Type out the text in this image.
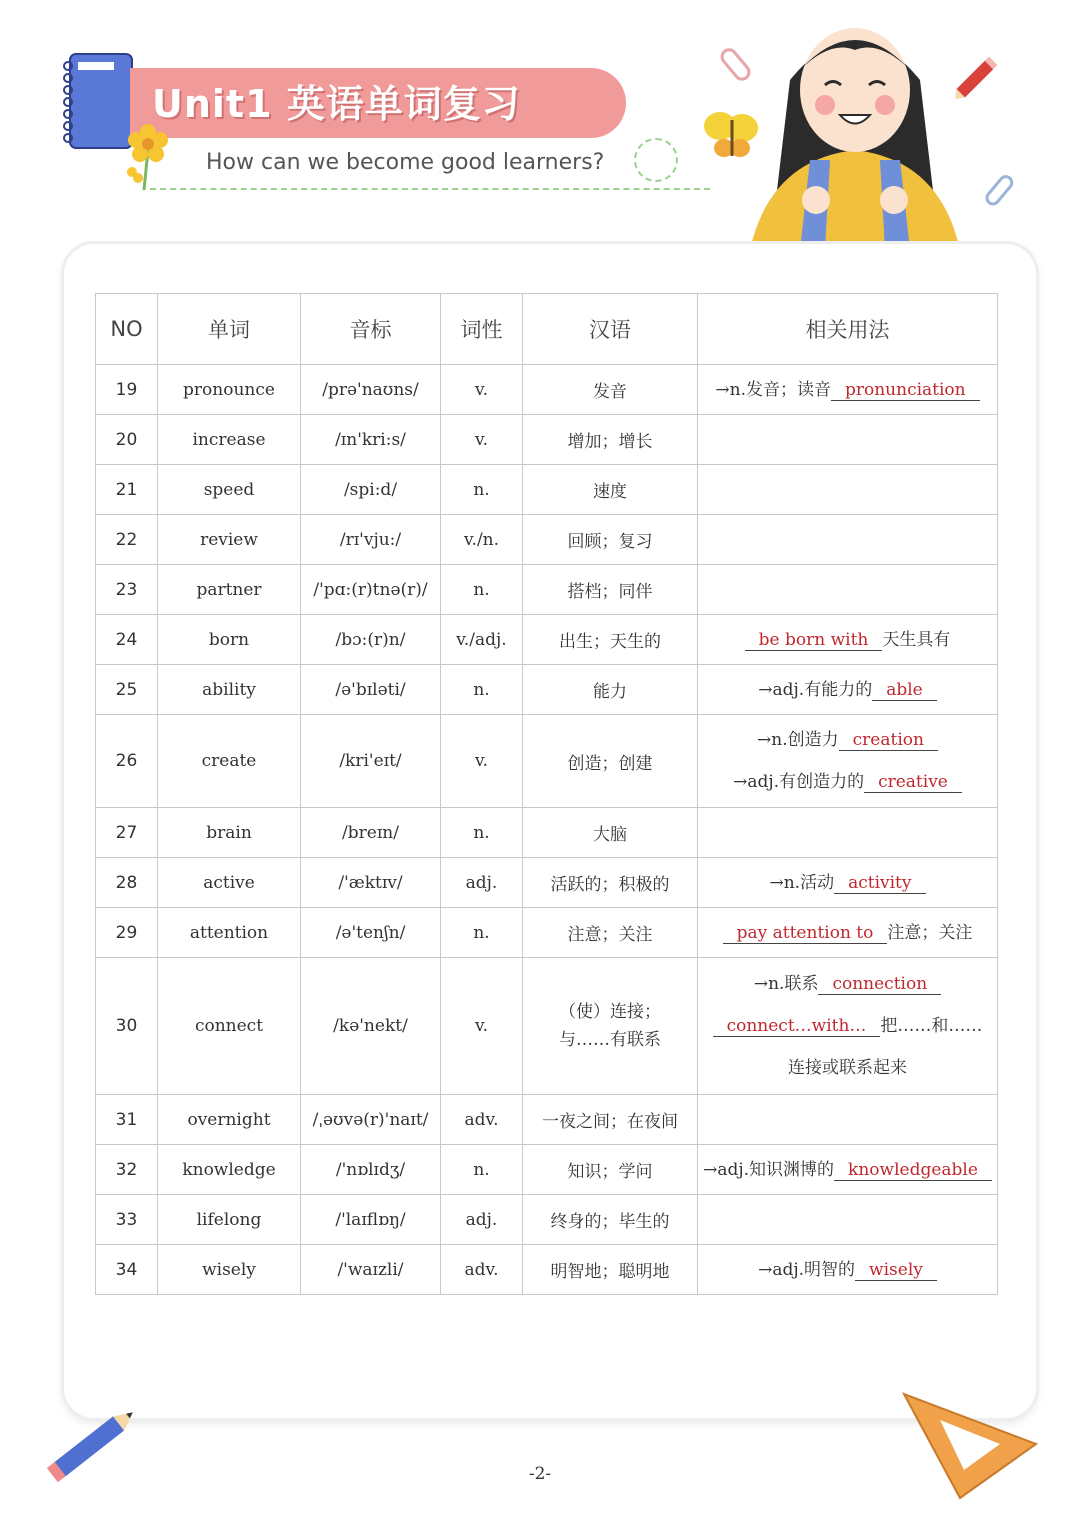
Unit1 英语单词复习
How can we become good learners?
NO	单词	音标	词性	汉语	相关用法
19	pronounce	/prə'naʊns/	v.	发音	→n.发音；读音 pronunciation

20	increase	/ɪn'kri:s/	v.	增加；增长	
21	speed	/spi:d/	n.	速度	
22	review	/rɪ'vju:/	v./n.	回顾；复习	
23	partner	/'pɑ:(r)tnə(r)/	n.	搭档；同伴	
24	born	/bɔ:(r)n/	v./adj.	出生；天生的	be born with 天生具有

25	ability	/ə'bɪləti/	n.	能力	→adj.有能力的 able

26	create	/kri'eɪt/	v.	创造；创建	→n.创造力 creation
→adj.有创造力的 creative

27	brain	/breɪn/	n.	大脑	
28	active	/'æktɪv/	adj.	活跃的；积极的	→n.活动 activity

29	attention	/ə'tenʃn/	n.	注意；关注	pay attention to 注意；关注

30	connect	/kə'nekt/	v.	（使）连接；与……有联系	→n.联系 connection
connect…with… 把……和……
连接或联系起来

31	overnight	/ˌəʊvə(r)'naɪt/	adv.	一夜之间；在夜间	
32	knowledge	/'nɒlɪdʒ/	n.	知识；学问	→adj.知识渊博的 knowledgeable

33	lifelong	/'laɪflɒŋ/	adj.	终身的；毕生的	
34	wisely	/'waɪzli/	adv.	明智地；聪明地	→adj.明智的 wisely
-2-
